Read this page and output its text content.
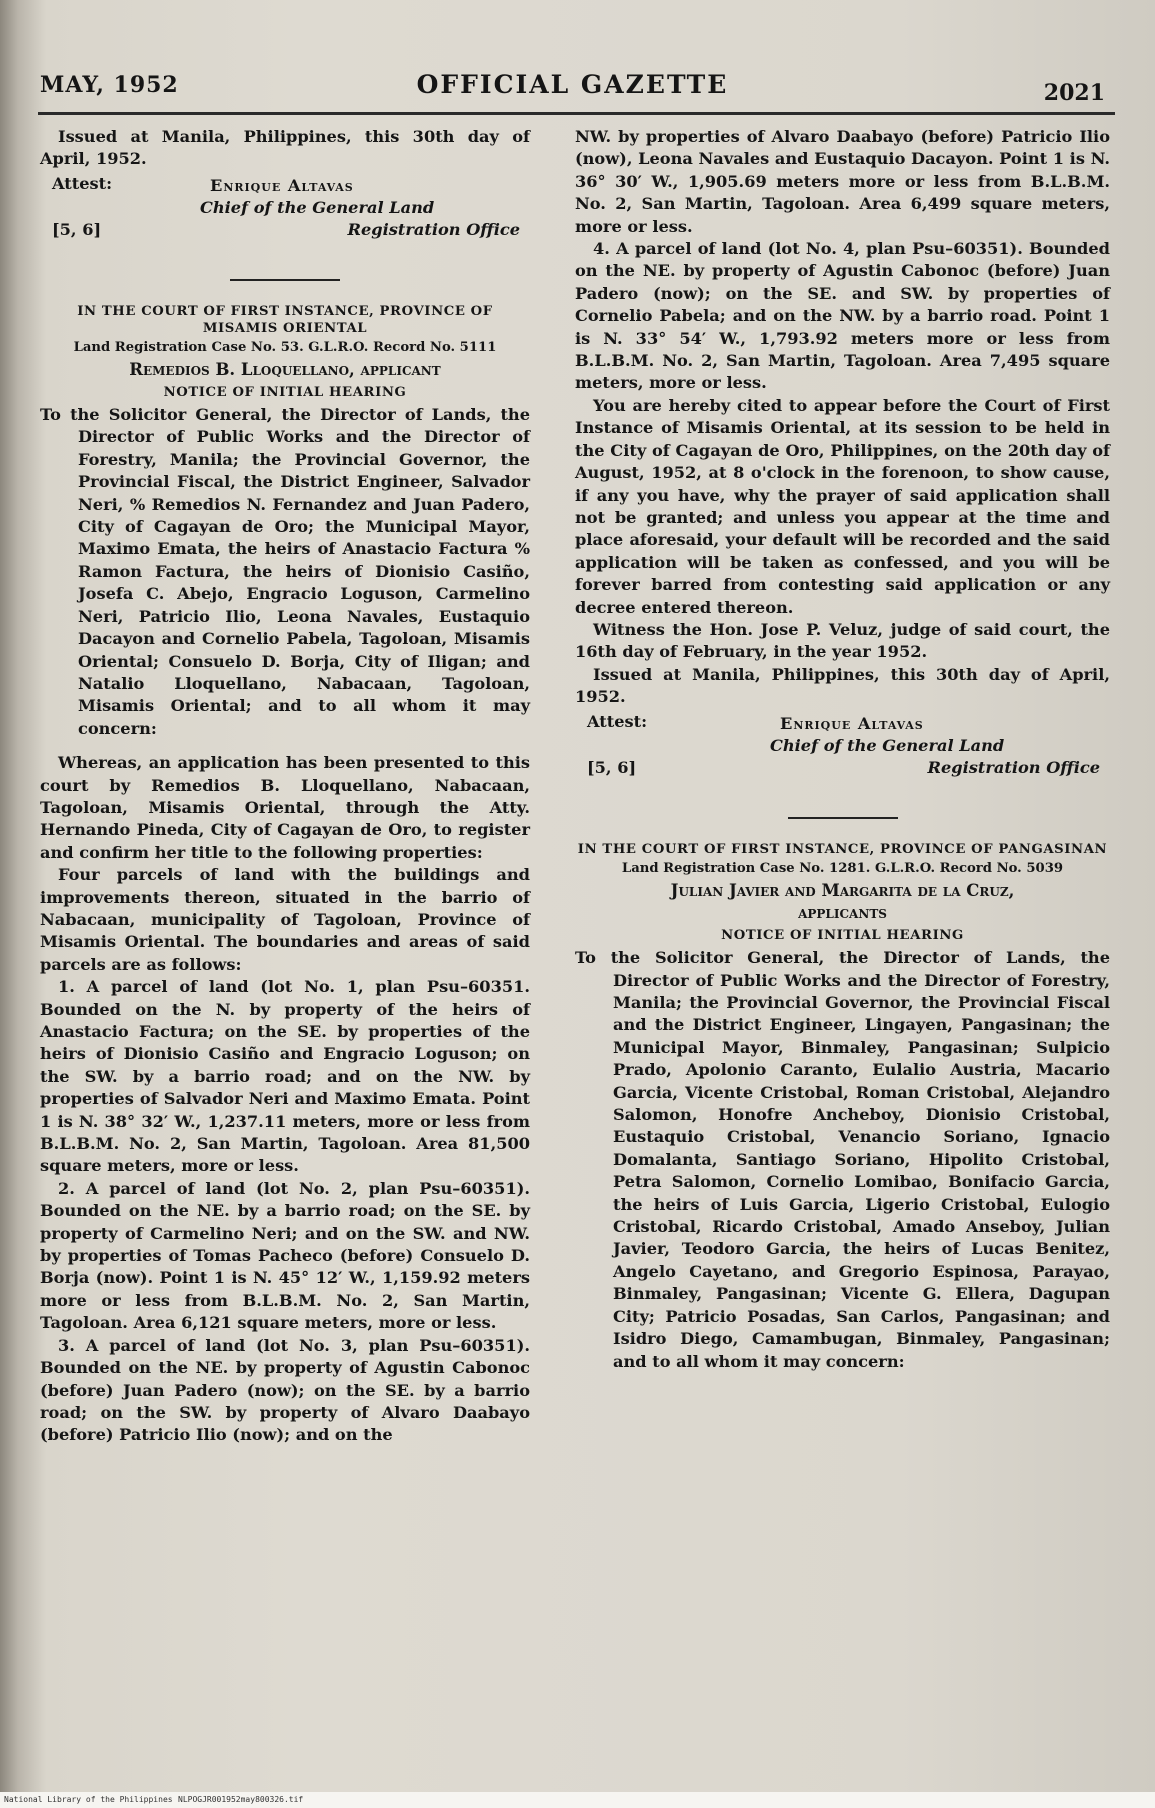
MAY, 1952	OFFICIAL GAZETTE	2021

Issued at Manila, Philippines, this 30th day of April, 1952.

Attest:	Enrique Altavas
Chief of the General Land
[5, 6]	Registration Office

IN THE COURT OF FIRST INSTANCE, PROVINCE OF MISAMIS ORIENTAL

Land Registration Case No. 53. G.L.R.O. Record No. 5111

Remedios B. Lloquellano, applicant

NOTICE OF INITIAL HEARING

To the Solicitor General, the Director of Lands, the Director of Public Works and the Director of Forestry, Manila; the Provincial Governor, the Provincial Fiscal, the District Engineer, Salvador Neri, % Remedios N. Fernandez and Juan Padero, City of Cagayan de Oro; the Municipal Mayor, Maximo Emata, the heirs of Anastacio Factura % Ramon Factura, the heirs of Dionisio Casiño, Josefa C. Abejo, Engracio Loguson, Carmelino Neri, Patricio Ilio, Leona Navales, Eustaquio Dacayon and Cornelio Pabela, Tagoloan, Misamis Oriental; Consuelo D. Borja, City of Iligan; and Natalio Lloquellano, Nabacaan, Tagoloan, Misamis Oriental; and to all whom it may concern:

Whereas, an application has been presented to this court by Remedios B. Lloquellano, Nabacaan, Tagoloan, Misamis Oriental, through the Atty. Hernando Pineda, City of Cagayan de Oro, to register and confirm her title to the following properties:

Four parcels of land with the buildings and improvements thereon, situated in the barrio of Nabacaan, municipality of Tagoloan, Province of Misamis Oriental. The boundaries and areas of said parcels are as follows:

1. A parcel of land (lot No. 1, plan Psu–60351. Bounded on the N. by property of the heirs of Anastacio Factura; on the SE. by properties of the heirs of Dionisio Casiño and Engracio Loguson; on the SW. by a barrio road; and on the NW. by properties of Salvador Neri and Maximo Emata. Point 1 is N. 38° 32′ W., 1,237.11 meters, more or less from B.L.B.M. No. 2, San Martin, Tagoloan. Area 81,500 square meters, more or less.

2. A parcel of land (lot No. 2, plan Psu–60351). Bounded on the NE. by a barrio road; on the SE. by property of Carmelino Neri; and on the SW. and NW. by properties of Tomas Pacheco (before) Consuelo D. Borja (now). Point 1 is N. 45° 12′ W., 1,159.92 meters more or less from B.L.B.M. No. 2, San Martin, Tagoloan. Area 6,121 square meters, more or less.

3. A parcel of land (lot No. 3, plan Psu–60351). Bounded on the NE. by property of Agustin Cabonoc (before) Juan Padero (now); on the SE. by a barrio road; on the SW. by property of Alvaro Daabayo (before) Patricio Ilio (now); and on the

NW. by properties of Alvaro Daabayo (before) Patricio Ilio (now), Leona Navales and Eustaquio Dacayon. Point 1 is N. 36° 30′ W., 1,905.69 meters more or less from B.L.B.M. No. 2, San Martin, Tagoloan. Area 6,499 square meters, more or less.

4. A parcel of land (lot No. 4, plan Psu–60351). Bounded on the NE. by property of Agustin Cabonoc (before) Juan Padero (now); on the SE. and SW. by properties of Cornelio Pabela; and on the NW. by a barrio road. Point 1 is N. 33° 54′ W., 1,793.92 meters more or less from B.L.B.M. No. 2, San Martin, Tagoloan. Area 7,495 square meters, more or less.

You are hereby cited to appear before the Court of First Instance of Misamis Oriental, at its session to be held in the City of Cagayan de Oro, Philippines, on the 20th day of August, 1952, at 8 o'clock in the forenoon, to show cause, if any you have, why the prayer of said application shall not be granted; and unless you appear at the time and place aforesaid, your default will be recorded and the said application will be taken as confessed, and you will be forever barred from contesting said application or any decree entered thereon.

Witness the Hon. Jose P. Veluz, judge of said court, the 16th day of February, in the year 1952.

Issued at Manila, Philippines, this 30th day of April, 1952.

Attest:	Enrique Altavas
Chief of the General Land
[5, 6]	Registration Office

IN THE COURT OF FIRST INSTANCE, PROVINCE OF PANGASINAN

Land Registration Case No. 1281. G.L.R.O. Record No. 5039

Julian Javier and Margarita de la Cruz,

applicants

NOTICE OF INITIAL HEARING

To the Solicitor General, the Director of Lands, the Director of Public Works and the Director of Forestry, Manila; the Provincial Governor, the Provincial Fiscal and the District Engineer, Lingayen, Pangasinan; the Municipal Mayor, Binmaley, Pangasinan; Sulpicio Prado, Apolonio Caranto, Eulalio Austria, Macario Garcia, Vicente Cristobal, Roman Cristobal, Alejandro Salomon, Honofre Ancheboy, Dionisio Cristobal, Eustaquio Cristobal, Venancio Soriano, Ignacio Domalanta, Santiago Soriano, Hipolito Cristobal, Petra Salomon, Cornelio Lomibao, Bonifacio Garcia, the heirs of Luis Garcia, Ligerio Cristobal, Eulogio Cristobal, Ricardo Cristobal, Amado Anseboy, Julian Javier, Teodoro Garcia, the heirs of Lucas Benitez, Angelo Cayetano, and Gregorio Espinosa, Parayao, Binmaley, Pangasinan; Vicente G. Ellera, Dagupan City; Patricio Posadas, San Carlos, Pangasinan; and Isidro Diego, Camambugan, Binmaley, Pangasinan; and to all whom it may concern:

National Library of the Philippines NLPOGJR001952may800326.tif
